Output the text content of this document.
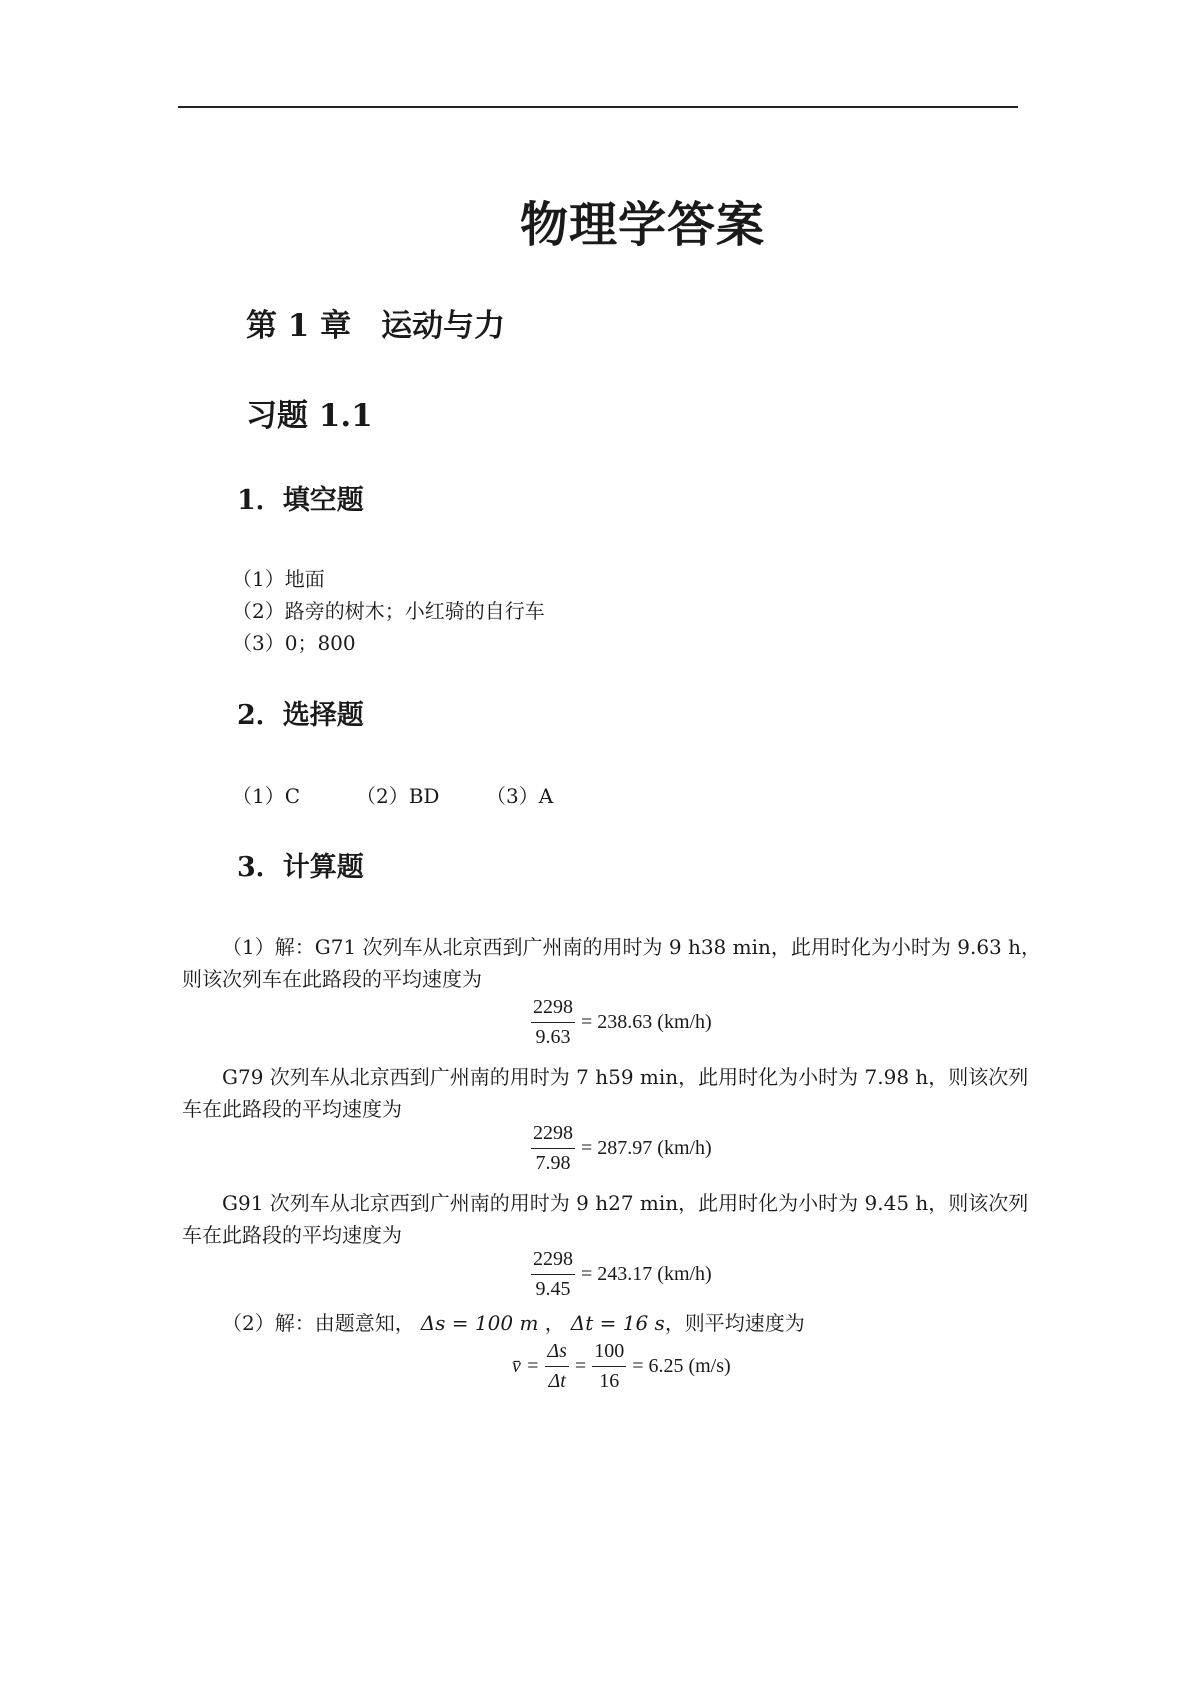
物理学答案
第 1 章 运动与力
习题 1.1
1．填空题
（1）地面
（2）路旁的树木；小红骑的自行车
（3）0；800
2．选择题
（1）C	（2）BD （3）A
3．计算题
（1）解：G71 次列车从北京西到广州南的用时为 9 h38 min，此用时化为小时为 9.63 h，
则该次列车在此路段的平均速度为
$\frac{2298}{9.63} = 238.63$ (km/h)
G79 次列车从北京西到广州南的用时为 7 h59 min，此用时化为小时为 7.98 h，则该次列
车在此路段的平均速度为
$\frac{2298}{7.98} = 287.97$ (km/h)
G91 次列车从北京西到广州南的用时为 9 h27 min，此用时化为小时为 9.45 h，则该次列
车在此路段的平均速度为
$\frac{2298}{9.45} = 243.17$ (km/h)
（2）解：由题意知， Δs = 100 m ， Δt = 16 s，则平均速度为
v̄ = $\frac{\Delta s}{\Delta t} = \frac{100}{16} = 6.25$ (m/s)
